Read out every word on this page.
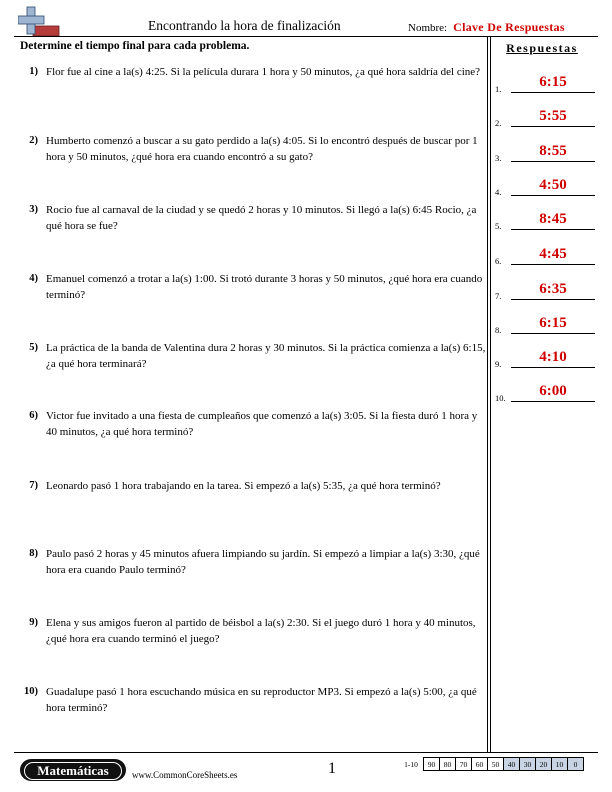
Encontrando la hora de finalización	Nombre: Clave De Respuestas
Determine el tiempo final para cada problema.	Respuestas
1) Flor fue al cine a la(s) 4:25. Si la película durara 1 hora y 50 minutos, ¿a qué hora saldría del cine?
2) Humberto comenzó a buscar a su gato perdido a la(s) 4:05. Si lo encontró después de buscar por 1 hora y 50 minutos, ¿qué hora era cuando encontró a su gato?
3) Rocio fue al carnaval de la ciudad y se quedó 2 horas y 10 minutos. Si llegó a la(s) 6:45 Rocio, ¿a qué hora se fue?
4) Emanuel comenzó a trotar a la(s) 1:00. Si trotó durante 3 horas y 50 minutos, ¿qué hora era cuando terminó?
5) La práctica de la banda de Valentina dura 2 horas y 30 minutos. Si la práctica comienza a la(s) 6:15, ¿a qué hora terminará?
6) Victor fue invitado a una fiesta de cumpleaños que comenzó a la(s) 3:05. Si la fiesta duró 1 hora y 40 minutos, ¿a qué hora terminó?
7) Leonardo pasó 1 hora trabajando en la tarea. Si empezó a la(s) 5:35, ¿a qué hora terminó?
8) Paulo pasó 2 horas y 45 minutos afuera limpiando su jardín. Si empezó a limpiar a la(s) 3:30, ¿qué hora era cuando Paulo terminó?
9) Elena y sus amigos fueron al partido de béisbol a la(s) 2:30. Si el juego duró 1 hora y 40 minutos, ¿qué hora era cuando terminó el juego?
10) Guadalupe pasó 1 hora escuchando música en su reproductor MP3. Si empezó a la(s) 5:00, ¿a qué hora terminó?
1.	6:15
2.	5:55
3.	8:55
4.	4:50
5.	8:45
6.	4:45
7.	6:35
8.	6:15
9.	4:10
10.	6:00
Matemáticas	www.CommonCoreSheets.es	1	1-10	90	80	70	60	50	40	30	20	10	0
